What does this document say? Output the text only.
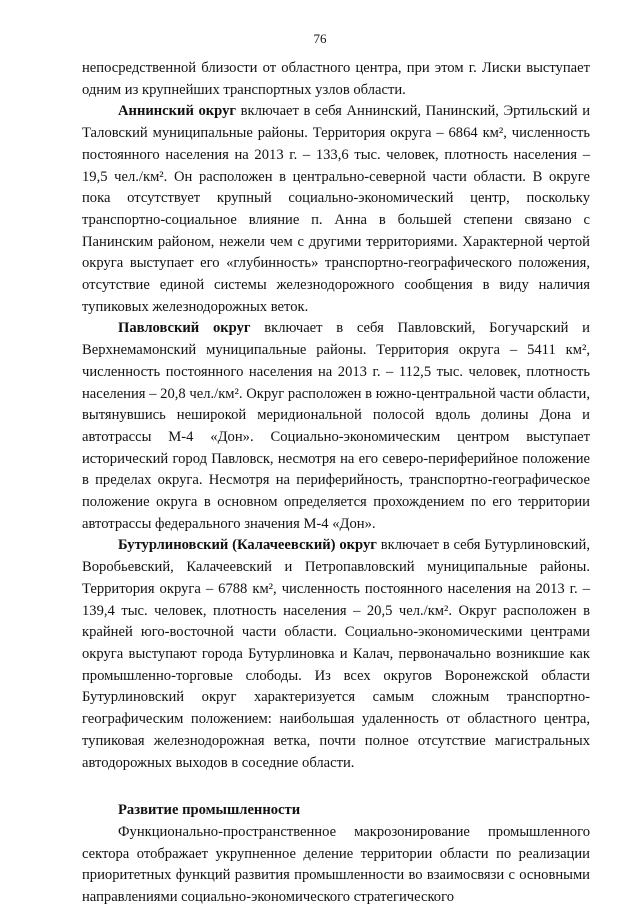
76

непосредственной близости от областного центра, при этом г. Лиски выступает одним из крупнейших транспортных узлов области.

Аннинский округ включает в себя Аннинский, Панинский, Эртильский и Таловский муниципальные районы. Территория округа – 6864 км², численность постоянного населения на 2013 г. – 133,6 тыс. человек, плотность населения – 19,5 чел./км². Он расположен в центрально-северной части области. В округе пока отсутствует крупный социально-экономический центр, поскольку транспортно-социальное влияние п. Анна в большей степени связано с Панинским районом, нежели чем с другими территориями. Характерной чертой округа выступает его «глубинность» транспортно-географического положения, отсутствие единой системы железнодорожного сообщения в виду наличия тупиковых железнодорожных веток.

Павловский округ включает в себя Павловский, Богучарский и Верхнемамонский муниципальные районы. Территория округа – 5411 км², численность постоянного населения на 2013 г. – 112,5 тыс. человек, плотность населения – 20,8 чел./км². Округ расположен в южно-центральной части области, вытянувшись неширокой меридиональной полосой вдоль долины Дона и автотрассы М-4 «Дон». Социально-экономическим центром выступает исторический город Павловск, несмотря на его северо-периферийное положение в пределах округа. Несмотря на периферийность, транспортно-географическое положение округа в основном определяется прохождением по его территории автотрассы федерального значения М-4 «Дон».

Бутурлиновский (Калачеевский) округ включает в себя Бутурлиновский, Воробьевский, Калачеевский и Петропавловский муниципальные районы. Территория округа – 6788 км², численность постоянного населения на 2013 г. – 139,4 тыс. человек, плотность населения – 20,5 чел./км². Округ расположен в крайней юго-восточной части области. Социально-экономическими центрами округа выступают города Бутурлиновка и Калач, первоначально возникшие как промышленно-торговые слободы. Из всех округов Воронежской области Бутурлиновский округ характеризуется самым сложным транспортно-географическим положением: наибольшая удаленность от областного центра, тупиковая железнодорожная ветка, почти полное отсутствие магистральных автодорожных выходов в соседние области.

Развитие промышленности

Функционально-пространственное макрозонирование промышленного сектора отображает укрупненное деление территории области по реализации приоритетных функций развития промышленности во взаимосвязи с основными направлениями социально-экономического стратегического
